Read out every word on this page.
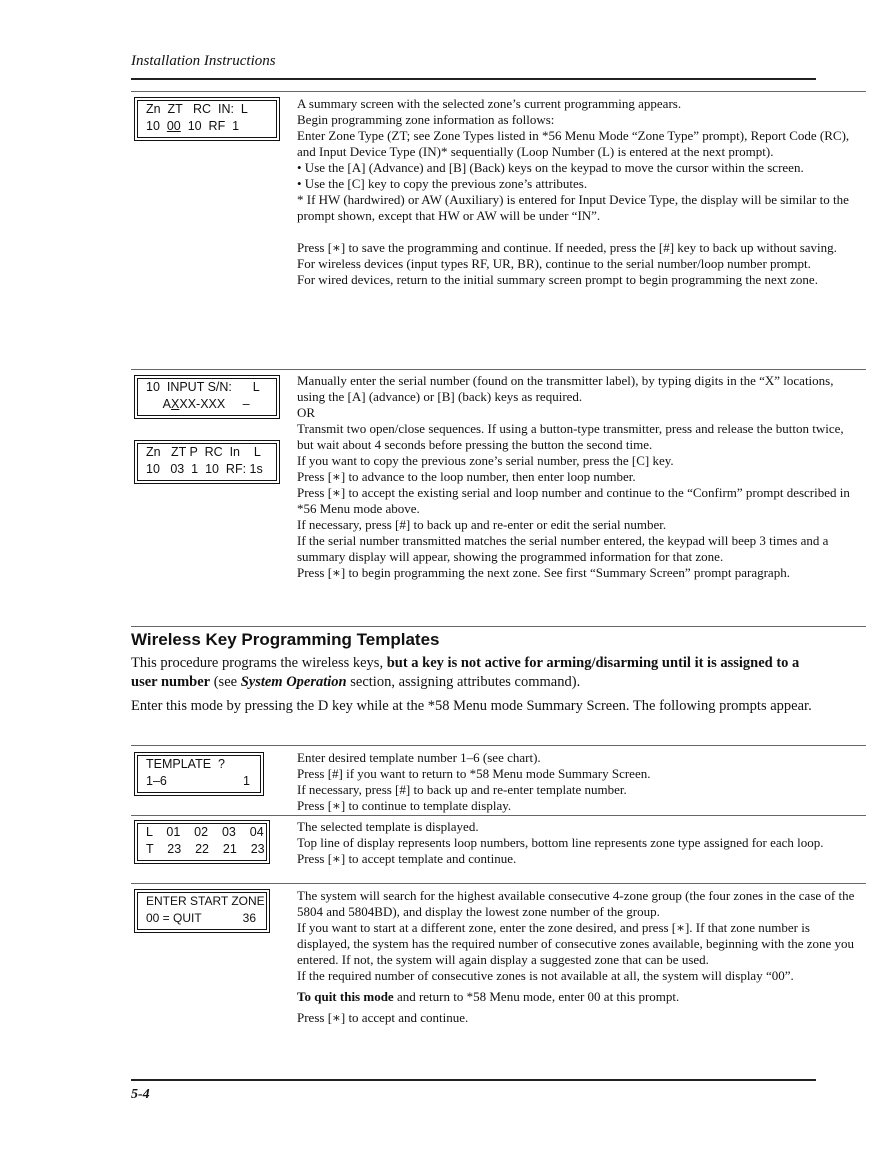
Installation Instructions
Zn  ZT   RC  IN:  L
10  00  10  RF  1

A summary screen with the selected zone’s current programming appears.

Begin programming zone information as follows:

Enter Zone Type (ZT; see Zone Types listed in *56 Menu Mode “Zone Type” prompt), Report Code (RC), and Input Device Type (IN)* sequentially (Loop Number (L) is entered at the next prompt).

• Use the [A] (Advance) and [B] (Back) keys on the keypad to move the cursor within the screen.

• Use the [C] key to copy the previous zone’s attributes.

* If HW (hardwired) or AW (Auxiliary) is entered for Input Device Type, the display will be similar to the prompt shown, except that HW or AW will be under “IN”.

Press [∗] to save the programming and continue. If needed, press the [#] key to back up without saving.

For wireless devices (input types RF, UR, BR), continue to the serial number/loop number prompt.

For wired devices, return to the initial summary screen prompt to begin programming the next zone.

10  INPUT S/N:      L
AXXX-XXX     –
Zn   ZT P  RC  In    L
10   03  1  10  RF: 1s

Manually enter the serial number (found on the transmitter label), by typing digits in the “X” locations, using the [A] (advance) or [B] (back) keys as required.

OR

Transmit two open/close sequences. If using a button-type transmitter, press and release the button twice, but wait about 4 seconds before pressing the button the second time.

If you want to copy the previous zone’s serial number, press the [C] key.

Press [∗] to advance to the loop number, then enter loop number.

Press [∗] to accept the existing serial and loop number and continue to the “Confirm” prompt described in *56 Menu mode above.

If necessary, press [#] to back up and re-enter or edit the serial number.

If the serial number transmitted matches the serial number entered, the keypad will beep 3 times and a summary display will appear, showing the programmed information for that zone.

Press [∗] to begin programming the next zone. See first “Summary Screen” prompt paragraph.

Wireless Key Programming Templates

This procedure programs the wireless keys, but a key is not active for arming/disarming until it is assigned to a user number (see System Operation section, assigning attributes command).

Enter this mode by pressing the D key while at the *58 Menu mode Summary Screen. The following prompts appear.

TEMPLATE  ?
1–6	1

Enter desired template number 1–6 (see chart).

Press [#] if you want to return to *58 Menu mode Summary Screen.

If necessary, press [#] to back up and re-enter template number.

Press [∗] to continue to template display.

L    01    02    03    04
T    23    22    21    23

The selected template is displayed.

Top line of display represents loop numbers, bottom line represents zone type assigned for each loop.

Press [∗] to accept template and continue.

ENTER START ZONE
00 = QUIT	36

The system will search for the highest available consecutive 4-zone group (the four zones in the case of the 5804 and 5804BD), and display the lowest zone number of the group.

If you want to start at a different zone, enter the zone desired, and press [∗]. If that zone number is displayed, the system has the required number of consecutive zones available, beginning with the zone you entered. If not, the system will again display a suggested zone that can be used.

If the required number of consecutive zones is not available at all, the system will display “00”.

To quit this mode and return to *58 Menu mode, enter 00 at this prompt.

Press [∗] to accept and continue.

5-4
